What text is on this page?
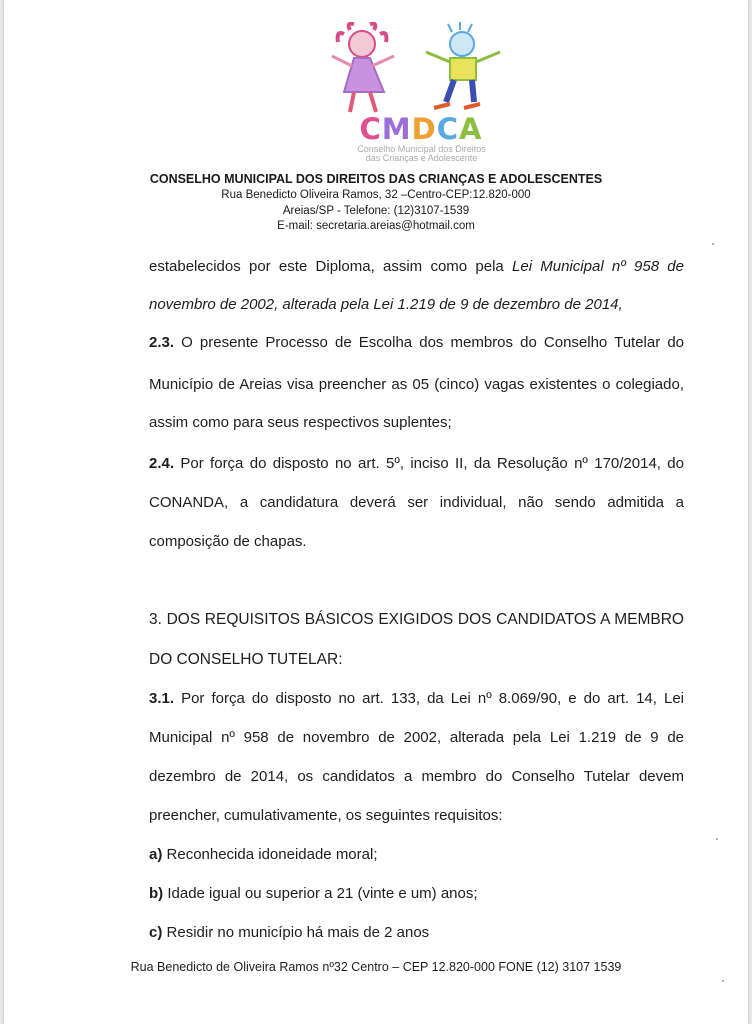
CMDCA
Conselho Municipal dos Direitos
das Crianças e Adolescente
CONSELHO MUNICIPAL DOS DIREITOS DAS CRIANÇAS E ADOLESCENTES
Rua Benedicto Oliveira Ramos, 32 –Centro-CEP:12.820-000
Areias/SP - Telefone: (12)3107-1539
E-mail: secretaria.areias@hotmail.com
estabelecidos por este Diploma, assim como pela Lei Municipal nº 958 de
novembro de 2002, alterada pela Lei 1.219 de 9 de dezembro de 2014,
2.3. O presente Processo de Escolha dos membros do Conselho Tutelar do
Município de Areias visa preencher as 05 (cinco) vagas existentes o colegiado,
assim como para seus respectivos suplentes;
2.4. Por força do disposto no art. 5º, inciso II, da Resolução nº 170/2014, do
CONANDA, a candidatura deverá ser individual, não sendo admitida a
composição de chapas.
3. DOS REQUISITOS BÁSICOS EXIGIDOS DOS CANDIDATOS A MEMBRO
DO CONSELHO TUTELAR:
3.1. Por força do disposto no art. 133, da Lei nº 8.069/90, e do art. 14, Lei
Municipal nº 958 de novembro de 2002, alterada pela Lei 1.219 de 9 de
dezembro de 2014, os candidatos a membro do Conselho Tutelar devem
preencher, cumulativamente, os seguintes requisitos:
a) Reconhecida idoneidade moral;
b) Idade igual ou superior a 21 (vinte e um) anos;
c) Residir no município há mais de 2 anos
Rua Benedicto de Oliveira Ramos nº32 Centro – CEP 12.820-000 FONE (12) 3107 1539
